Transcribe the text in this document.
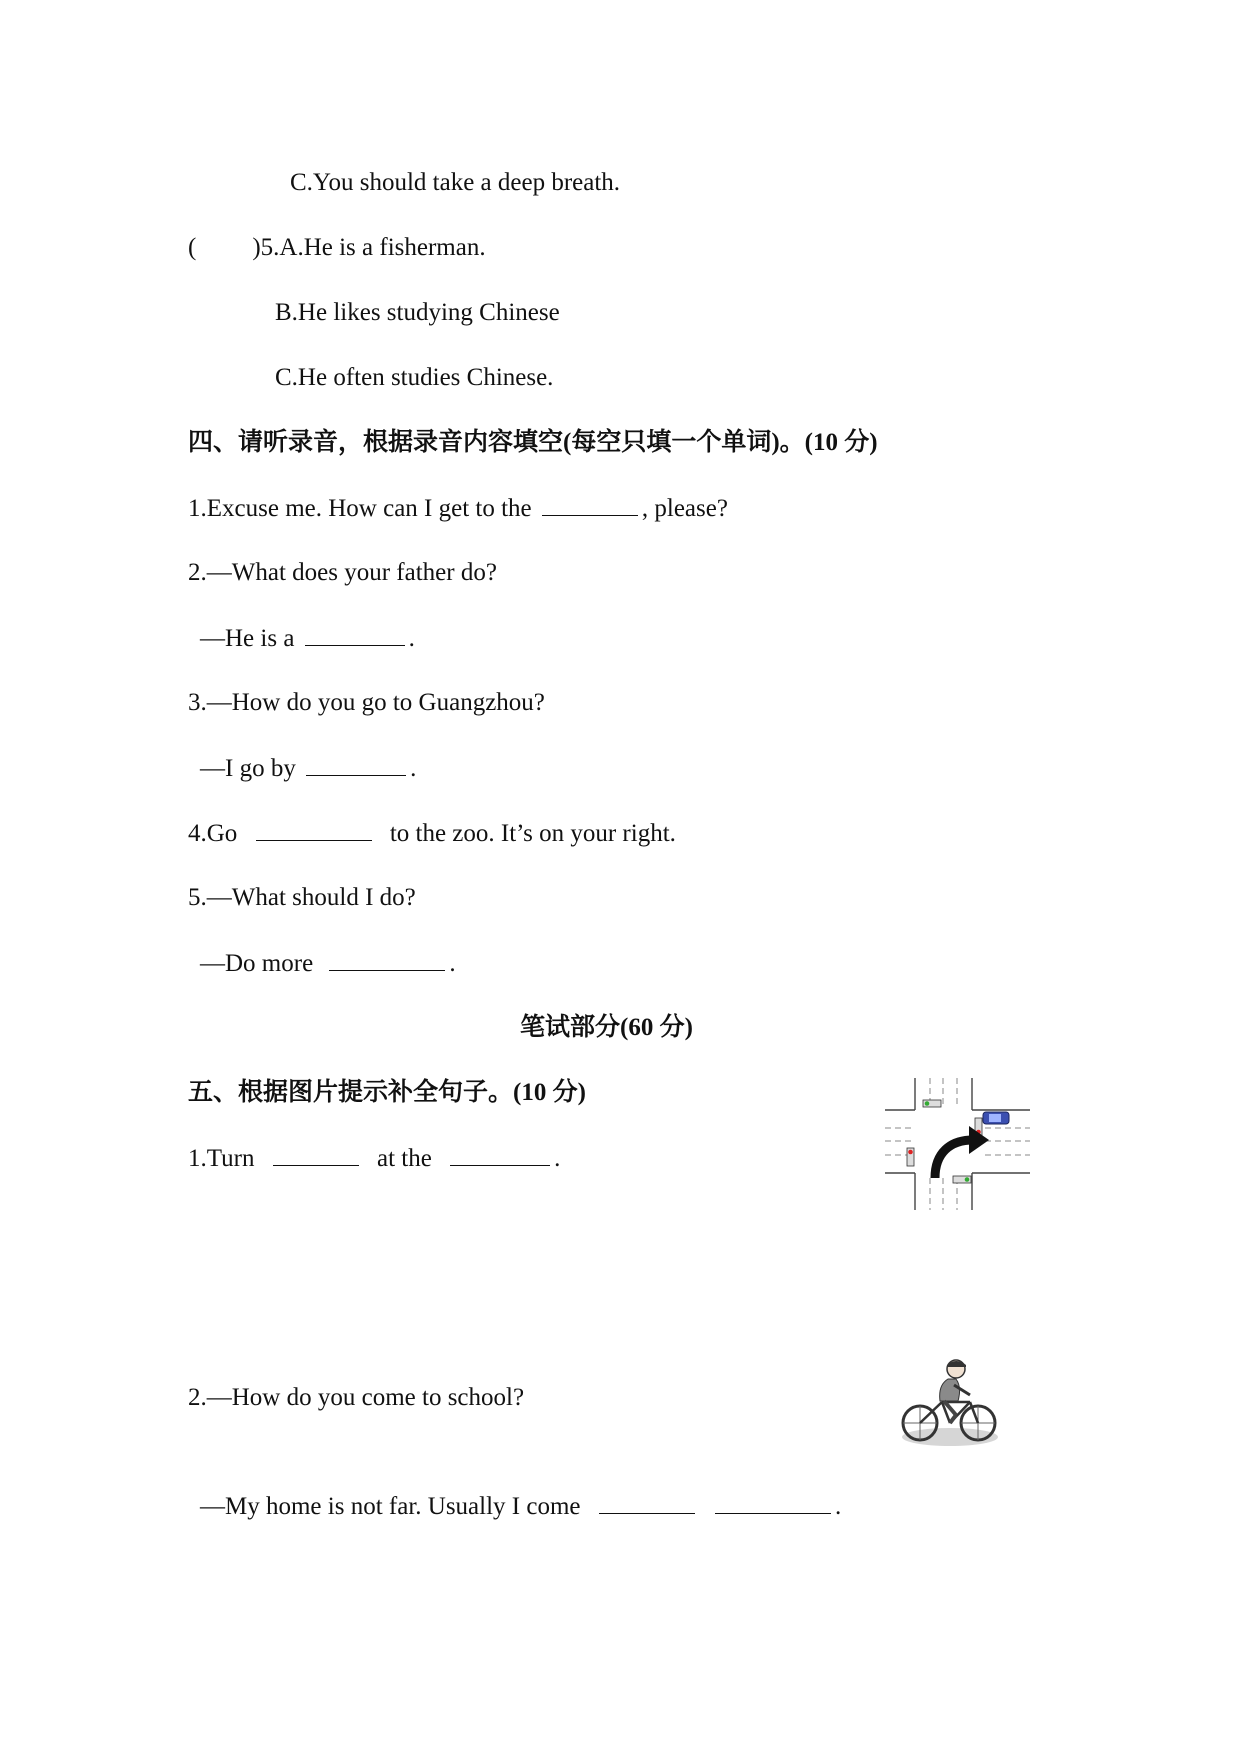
C.You should take a deep breath.
( )5.A.He is a fisherman.
B.He likes studying Chinese
C.He often studies Chinese.
四、请听录音，根据录音内容填空(每空只填一个单词)。(10 分)
1.Excuse me. How can I get to the	, please?
2.—What does your father do?
—He is a	.
3.—How do you go to Guangzhou?
—I go by	.
4.Go	to the zoo. It’s on your right.
5.—What should I do?
—Do more	.
笔试部分(60 分)
五、根据图片提示补全句子。(10 分)
1.Turn	at the	.
2.—How do you come to school?
—My home is not far. Usually I come	.
